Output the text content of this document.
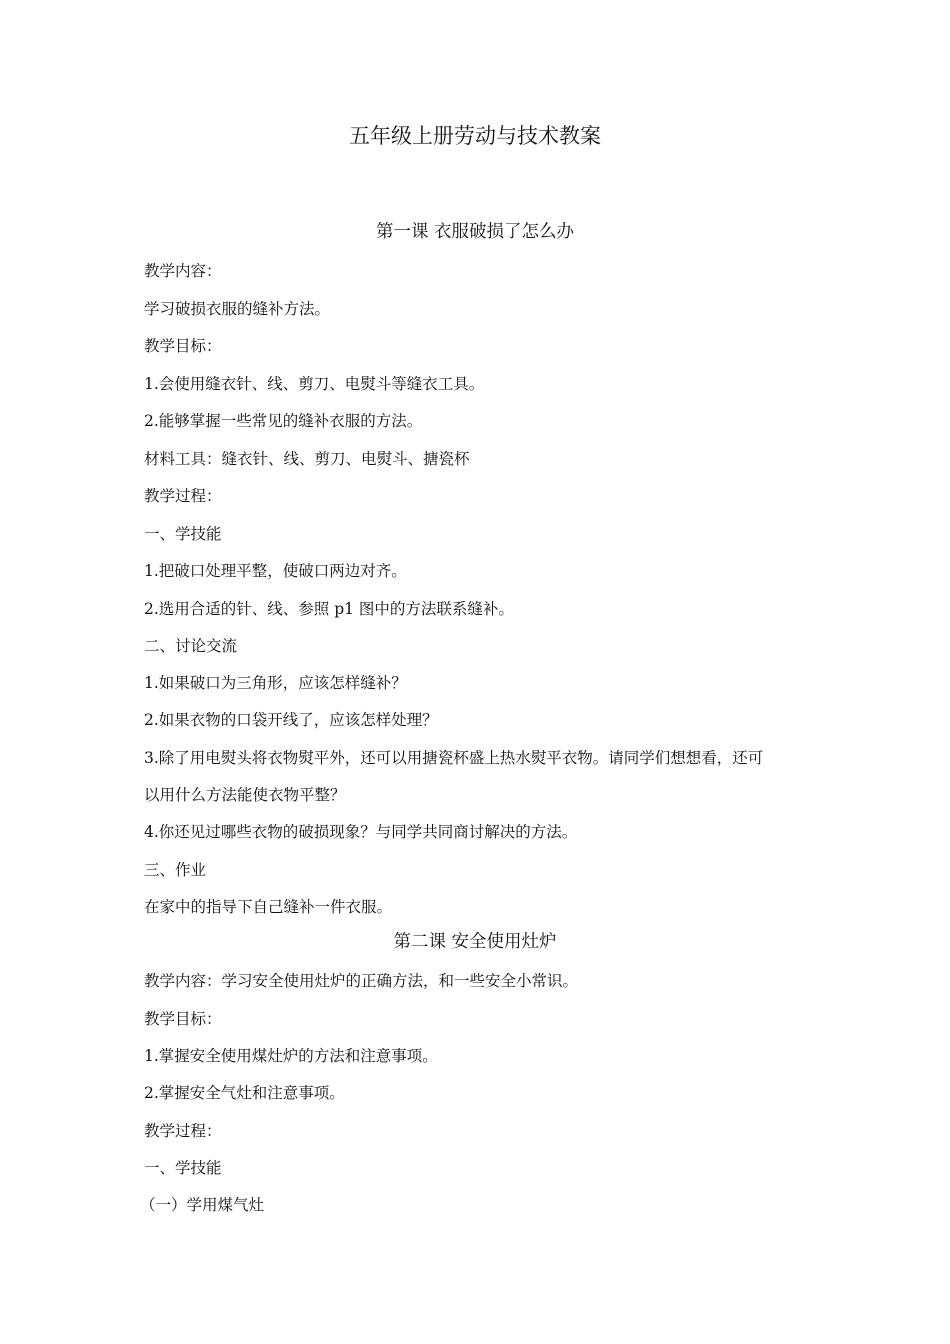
五年级上册劳动与技术教案
第一课 衣服破损了怎么办
教学内容：
学习破损衣服的缝补方法。
教学目标：
1.会使用缝衣针、线、剪刀、电熨斗等缝衣工具。
2.能够掌握一些常见的缝补衣服的方法。
材料工具：缝衣针、线、剪刀、电熨斗、搪瓷杯
教学过程：
一、学技能
1.把破口处理平整，使破口两边对齐。
2.选用合适的针、线、参照 p1 图中的方法联系缝补。
二、讨论交流
1.如果破口为三角形，应该怎样缝补？
2.如果衣物的口袋开线了，应该怎样处理？
3.除了用电熨头将衣物熨平外，还可以用搪瓷杯盛上热水熨平衣物。请同学们想想看，还可
以用什么方法能使衣物平整？
4.你还见过哪些衣物的破损现象？与同学共同商讨解决的方法。
三、作业
在家中的指导下自己缝补一件衣服。
第二课 安全使用灶炉
教学内容：学习安全使用灶炉的正确方法，和一些安全小常识。
教学目标：
1.掌握安全使用煤灶炉的方法和注意事项。
2.掌握安全气灶和注意事项。
教学过程：
一、学技能
（一）学用煤气灶
